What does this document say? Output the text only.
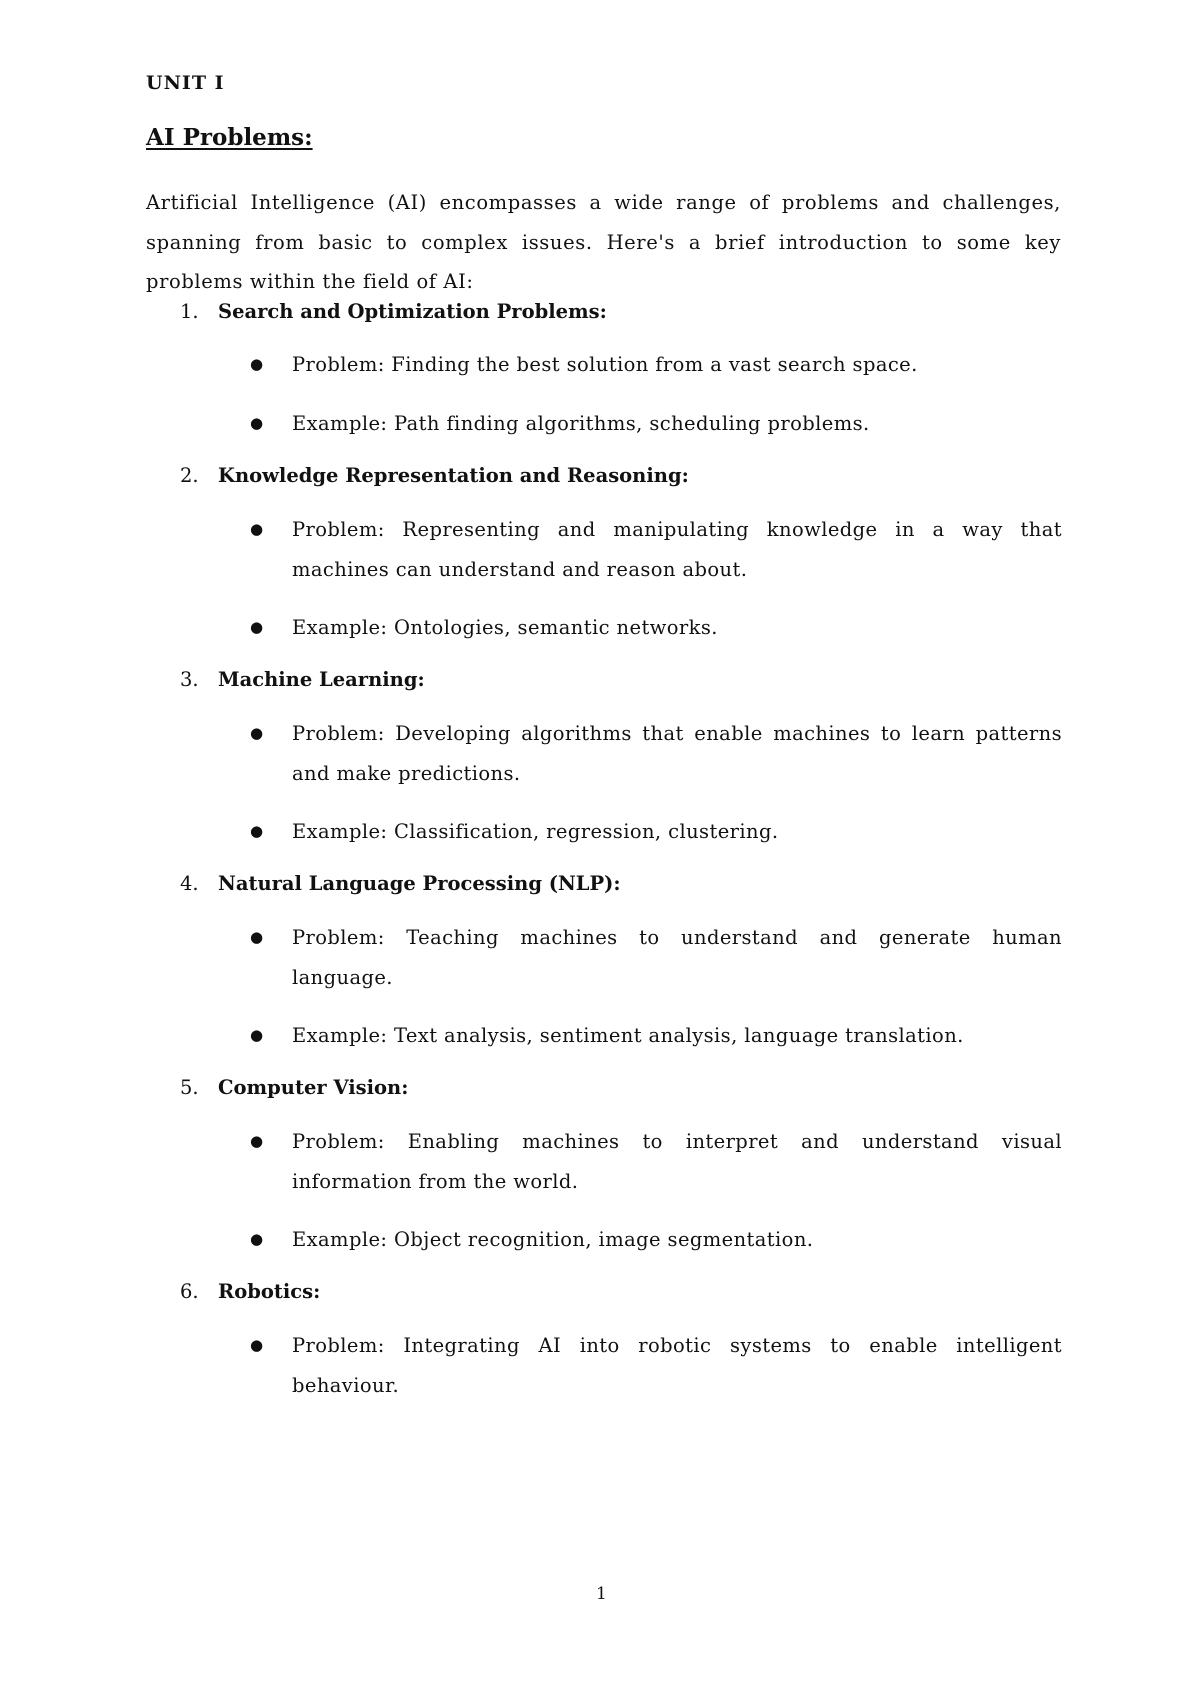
UNIT I
AI Problems:

Artificial Intelligence (AI) encompasses a wide range of problems and challenges, spanning from basic to complex issues. Here's a brief introduction to some key problems within the field of AI:

1. Search and Optimization Problems:
● Problem: Finding the best solution from a vast search space.
● Example: Path finding algorithms, scheduling problems.
2. Knowledge Representation and Reasoning:
● Problem: Representing and manipulating knowledge in a way that machines can understand and reason about.
● Example: Ontologies, semantic networks.
3. Machine Learning:
● Problem: Developing algorithms that enable machines to learn patterns and make predictions.
● Example: Classification, regression, clustering.
4. Natural Language Processing (NLP):
● Problem: Teaching machines to understand and generate human language.
● Example: Text analysis, sentiment analysis, language translation.
5. Computer Vision:
● Problem: Enabling machines to interpret and understand visual information from the world.
● Example: Object recognition, image segmentation.
6. Robotics:
● Problem: Integrating AI into robotic systems to enable intelligent behaviour.
1
